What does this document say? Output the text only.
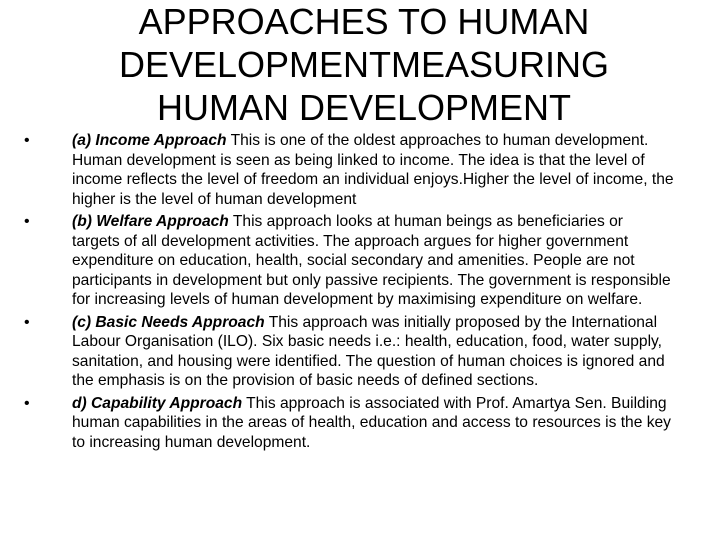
APPROACHES TO HUMAN
DEVELOPMENTMEASURING
HUMAN DEVELOPMENT
•	(a) Income Approach This is one of the oldest approaches to human development. Human development is seen as being linked to income. The idea is that the level of income reflects the level of freedom an individual enjoys.Higher the level of income, the higher is the level of human development
•	(b) Welfare Approach This approach looks at human beings as beneficiaries or targets of all development activities. The approach argues for higher government expenditure on education, health, social secondary and amenities. People are not participants in development but only passive recipients. The government is responsible for increasing levels of human development by maximising expenditure on welfare.
•	(c) Basic Needs Approach This approach was initially proposed by the International Labour Organisation (ILO). Six basic needs i.e.: health, education, food, water supply, sanitation, and housing were identified. The question of human choices is ignored and the emphasis is on the provision of basic needs of defined sections.
•	d) Capability Approach This approach is associated with Prof. Amartya Sen. Building human capabilities in the areas of health, education and access to resources is the key to increasing human development.
